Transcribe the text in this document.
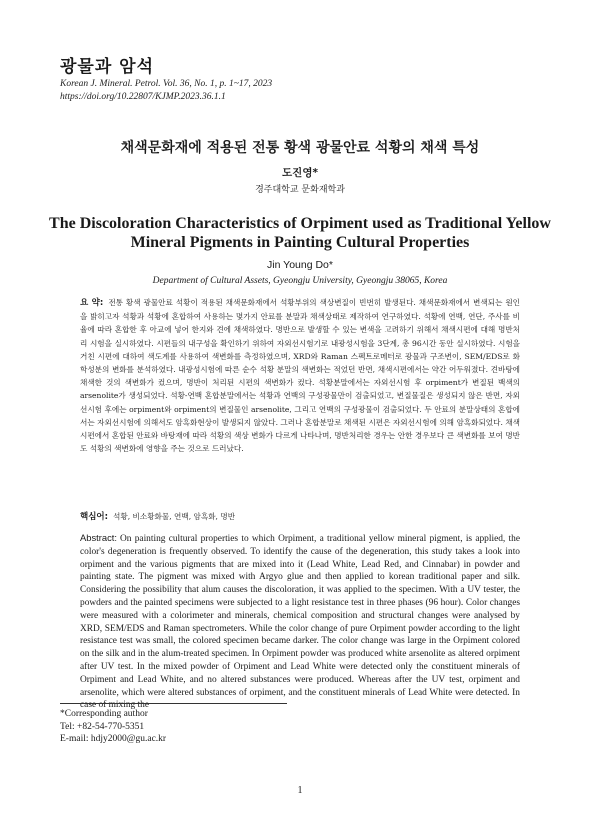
광물과 암석
Korean J. Mineral. Petrol. Vol. 36, No. 1, p. 1~17, 2023
https://doi.org/10.22807/KJMP.2023.36.1.1
채색문화재에 적용된 전통 황색 광물안료 석황의 채색 특성
도진영*
경주대학교 문화재학과
The Discoloration Characteristics of Orpiment used as Traditional Yellow Mineral Pigments in Painting Cultural Properties
Jin Young Do*
Department of Cultural Assets, Gyeongju University, Gyeongju 38065, Korea

요 약: 전통 황색 광물안료 석황이 적용된 채색문화재에서 석황부위의 색상변질이 빈번히 발생된다. 채색문화재에서 변색되는 원인을 밝히고자 석황과 석황에 혼합하여 사용하는 몇가지 안료를 분말과 채색상태로 제작하여 연구하였다. 석황에 연백, 연단, 주사를 비율에 따라 혼합한 후 아교에 넣어 한지와 견에 채색하였다. 명반으로 발생할 수 있는 변색을 고려하기 위해서 채색시편에 대해 명반처리 시험을 실시하였다. 시편들의 내구성을 확인하기 위하여 자외선시험기로 내광성시험을 3단계, 총 96시간 동안 실시하였다. 시험을 거친 시편에 대하여 색도계를 사용하여 색변화를 측정하였으며, XRD와 Raman 스펙트로메터로 광물과 구조변이, SEM/EDS로 화학성분의 변화를 분석하였다. 내광성시험에 따른 순수 석황 분말의 색변화는 적었던 반면, 채색시편에서는 약간 어두워졌다. 견바탕에 채색한 것의 색변화가 컸으며, 명반이 처리된 시편의 색변화가 컸다. 석황분말에서는 자외선시험 후 orpiment가 변질된 백색의 arsenolite가 생성되었다. 석황-연백 혼합분말에서는 석황과 연백의 구성광물만이 검출되었고, 변질물질은 생성되지 않은 반면, 자외선시험 후에는 orpiment와 orpiment의 변질물인 arsenolite, 그리고 연백의 구성광물이 검출되었다. 두 안료의 분말상태의 혼합에서는 자외선시험에 의해서도 암흑화현상이 발생되지 않았다. 그러나 혼합분말로 채색된 시편은 자외선시험에 의해 암흑화되었다. 채색시편에서 혼합된 안료와 바탕재에 따라 석황의 색상 변화가 다르게 나타나며, 명반처리한 경우는 안한 경우보다 큰 색변화를 보여 명반도 석황의 색변화에 영향을 주는 것으로 드러났다.

핵심어: 석황, 비소황화물, 연백, 암흑화, 명반

Abstract: On painting cultural properties to which Orpiment, a traditional yellow mineral pigment, is applied, the color's degeneration is frequently observed. To identify the cause of the degeneration, this study takes a look into orpiment and the various pigments that are mixed into it (Lead White, Lead Red, and Cinnabar) in powder and painting state. The pigment was mixed with Argyo glue and then applied to korean traditional paper and silk. Considering the possibility that alum causes the discoloration, it was applied to the specimen. With a UV tester, the powders and the painted specimens were subjected to a light resistance test in three phases (96 hour). Color changes were measured with a colorimeter and minerals, chemical composition and structural changes were analysed by XRD, SEM/EDS and Raman spectrometers. While the color change of pure Orpiment powder according to the light resistance test was small, the colored specimen became darker. The color change was large in the Orpiment colored on the silk and in the alum-treated specimen. In Orpiment powder was produced white arsenolite as altered orpiment after UV test. In the mixed powder of Orpiment and Lead White were detected only the constituent minerals of Orpiment and Lead White, and no altered substances were produced. Whereas after the UV test, orpiment and arsenolite, which were altered substances of orpiment, and the constituent minerals of Lead White were detected. In case of mixing the

*Corresponding author
Tel: +82-54-770-5351
E-mail: hdjy2000@gu.ac.kr
1
